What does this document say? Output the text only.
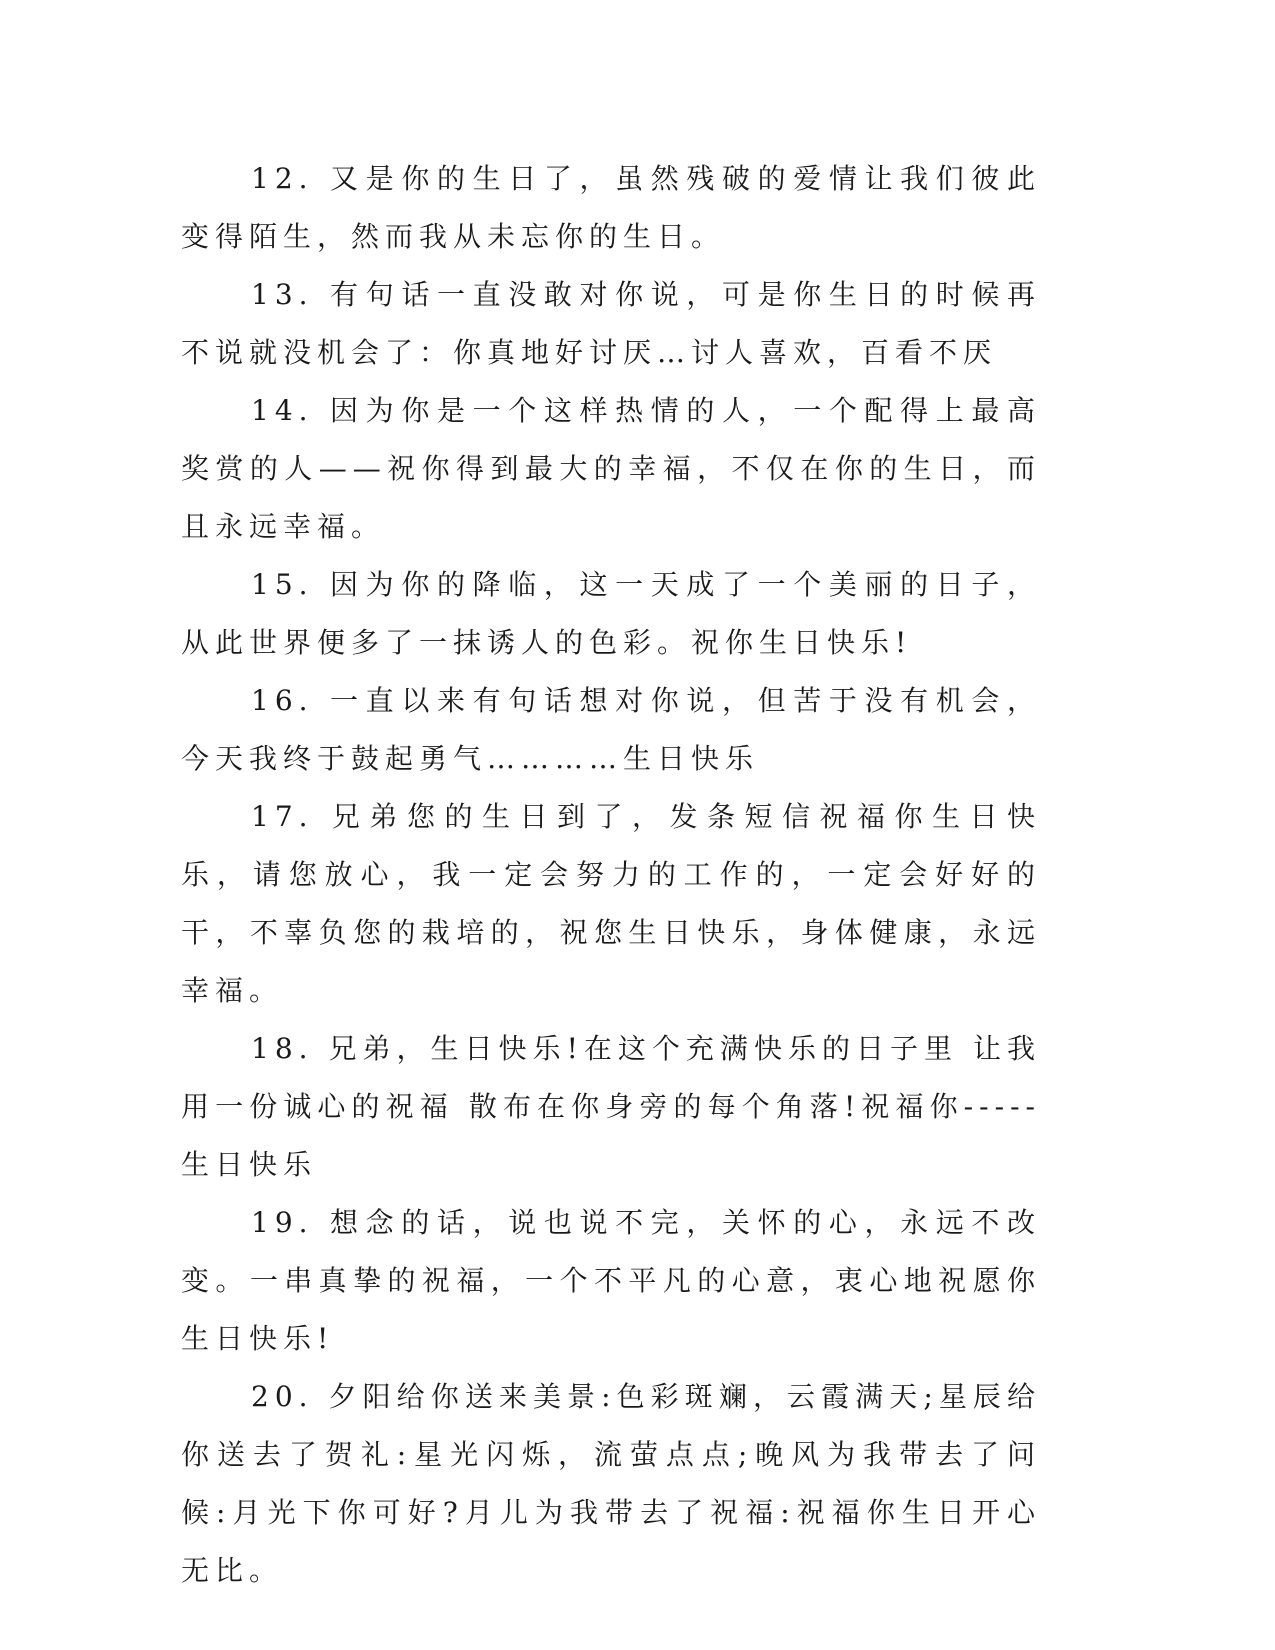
12. 又是你的生日了，虽然残破的爱情让我们彼此变得陌生，然而我从未忘你的生日。

13. 有句话一直没敢对你说，可是你生日的时候再不说就没机会了：你真地好讨厌…讨人喜欢，百看不厌

14. 因为你是一个这样热情的人，一个配得上最高奖赏的人——祝你得到最大的幸福，不仅在你的生日，而且永远幸福。

15. 因为你的降临，这一天成了一个美丽的日子，从此世界便多了一抹诱人的色彩。祝你生日快乐!

16. 一直以来有句话想对你说，但苦于没有机会，今天我终于鼓起勇气…………生日快乐

17. 兄弟您的生日到了，发条短信祝福你生日快乐，请您放心，我一定会努力的工作的，一定会好好的干，不辜负您的栽培的，祝您生日快乐，身体健康，永远幸福。

18. 兄弟，生日快乐!在这个充满快乐的日子里 让我用一份诚心的祝福 散布在你身旁的每个角落!祝福你-----生日快乐

19. 想念的话，说也说不完，关怀的心，永远不改变。一串真挚的祝福，一个不平凡的心意，衷心地祝愿你生日快乐!

20. 夕阳给你送来美景:色彩斑斓，云霞满天;星辰给你送去了贺礼:星光闪烁，流萤点点;晚风为我带去了问候:月光下你可好?月儿为我带去了祝福:祝福你生日开心无比。
